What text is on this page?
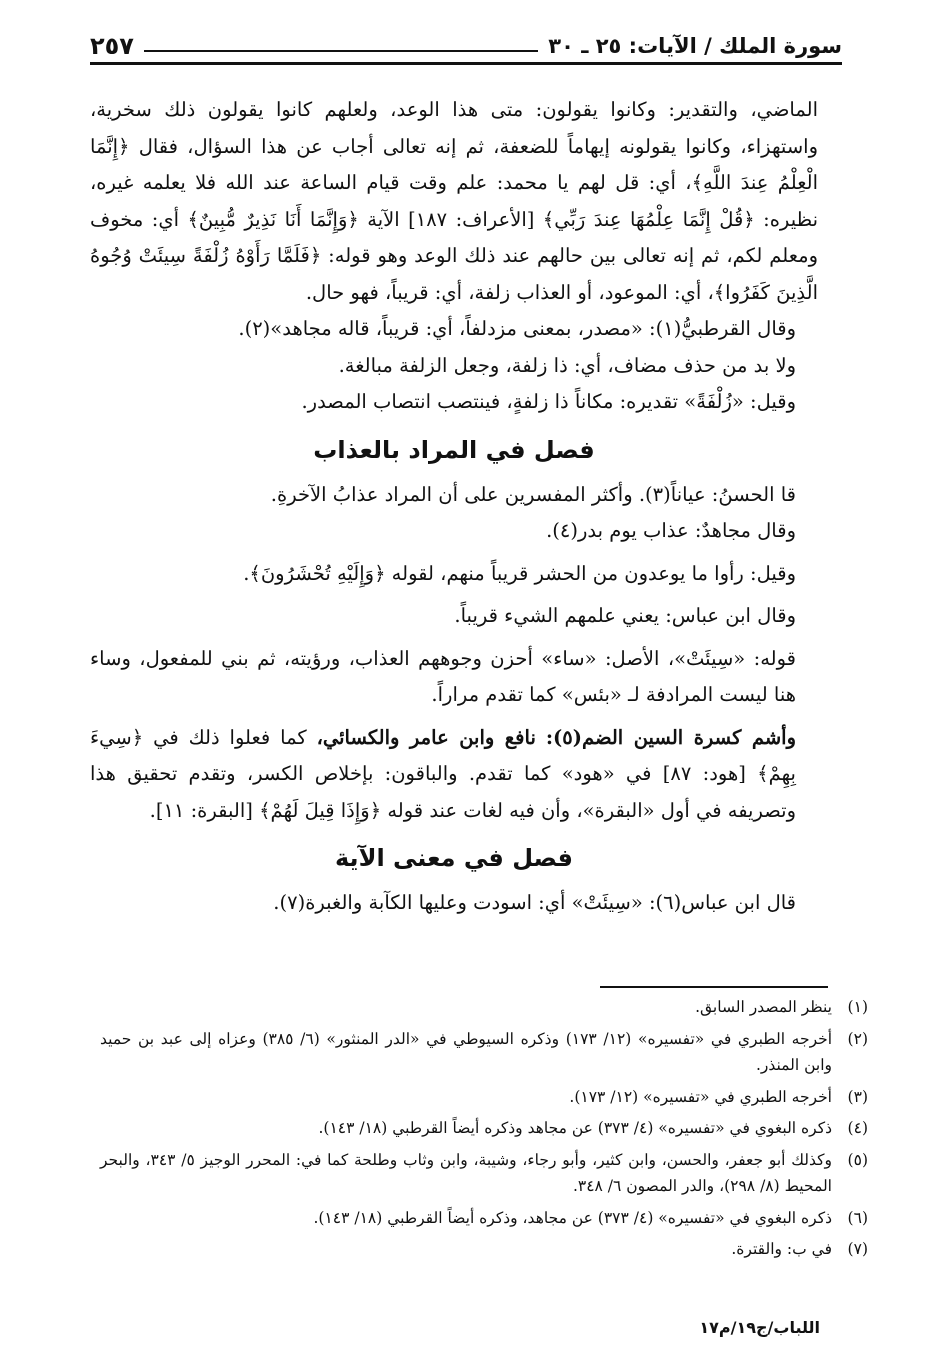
سورة الملك / الآيات: ٢٥ ـ ٣٠
٢٥٧

الماضي، والتقدير: وكانوا يقولون: متى هذا الوعد، ولعلهم كانوا يقولون ذلك سخرية، واستهزاء، وكانوا يقولونه إيهاماً للضعفة، ثم إنه تعالى أجاب عن هذا السؤال، فقال ﴿إِنَّمَا الْعِلْمُ عِندَ اللَّهِ﴾، أي: قل لهم يا محمد: علم وقت قيام الساعة عند الله فلا يعلمه غيره، نظيره: ﴿قُلْ إِنَّمَا عِلْمُهَا عِندَ رَبِّي﴾ [الأعراف: ١٨٧] الآية ﴿وَإِنَّمَا أَنَا نَذِيرٌ مُّبِينٌ﴾ أي: مخوف ومعلم لكم، ثم إنه تعالى بين حالهم عند ذلك الوعد وهو قوله: ﴿فَلَمَّا رَأَوْهُ زُلْفَةً سِيئَتْ وُجُوهُ الَّذِينَ كَفَرُوا﴾، أي: الموعود، أو العذاب زلفة، أي: قريباً، فهو حال.

وقال القرطبيُّ(١): «مصدر، بمعنى مزدلفاً، أي: قريباً، قاله مجاهد»(٢).

ولا بد من حذف مضاف، أي: ذا زلفة، وجعل الزلفة مبالغة.

وقيل: «زُلْفَةً» تقديره: مكاناً ذا زلفةٍ، فينتصب انتصاب المصدر.

فصل في المراد بالعذاب

قا الحسنُ: عياناً(٣). وأكثر المفسرين على أن المراد عذابُ الآخرةِ.

وقال مجاهدٌ: عذاب يوم بدر(٤).

وقيل: رأوا ما يوعدون من الحشر قريباً منهم، لقوله ﴿وَإِلَيْهِ تُحْشَرُونَ﴾.

وقال ابن عباس: يعني علمهم الشيء قريباً.

قوله: «سِيئَتْ»، الأصل: «ساء» أحزن وجوههم العذاب، ورؤيته، ثم بني للمفعول، وساء هنا ليست المرادفة لـ «بئس» كما تقدم مراراً.

وأشم كسرة السين الضم(٥): نافع وابن عامر والكسائي، كما فعلوا ذلك في ﴿سِيءَ بِهِمْ﴾ [هود: ٨٧] في «هود» كما تقدم. والباقون: بإخلاص الكسر، وتقدم تحقيق هذا وتصريفه في أول «البقرة»، وأن فيه لغات عند قوله ﴿وَإِذَا قِيلَ لَهُمْ﴾ [البقرة: ١١].

فصل في معنى الآية

قال ابن عباس(٦): «سِيئَتْ» أي: اسودت وعليها الكآبة والغبرة(٧).

(١)
ينظر المصدر السابق.
(٢)
أخرجه الطبري في «تفسيره» (١٢/ ١٧٣) وذكره السيوطي في «الدر المنثور» (٦/ ٣٨٥) وعزاه إلى عبد بن حميد وابن المنذر.
(٣)
أخرجه الطبري في «تفسيره» (١٢/ ١٧٣).
(٤)
ذكره البغوي في «تفسيره» (٤/ ٣٧٣) عن مجاهد وذكره أيضاً القرطبي (١٨/ ١٤٣).
(٥)
وكذلك أبو جعفر، والحسن، وابن كثير، وأبو رجاء، وشيبة، وابن وثاب وطلحة كما في: المحرر الوجيز ٥/ ٣٤٣، والبحر المحيط (٨/ ٢٩٨)، والدر المصون ٦/ ٣٤٨.
(٦)
ذكره البغوي في «تفسيره» (٤/ ٣٧٣) عن مجاهد، وذكره أيضاً القرطبي (١٨/ ١٤٣).
(٧)
في ب: والقترة.
اللباب/ج١٩/م١٧
